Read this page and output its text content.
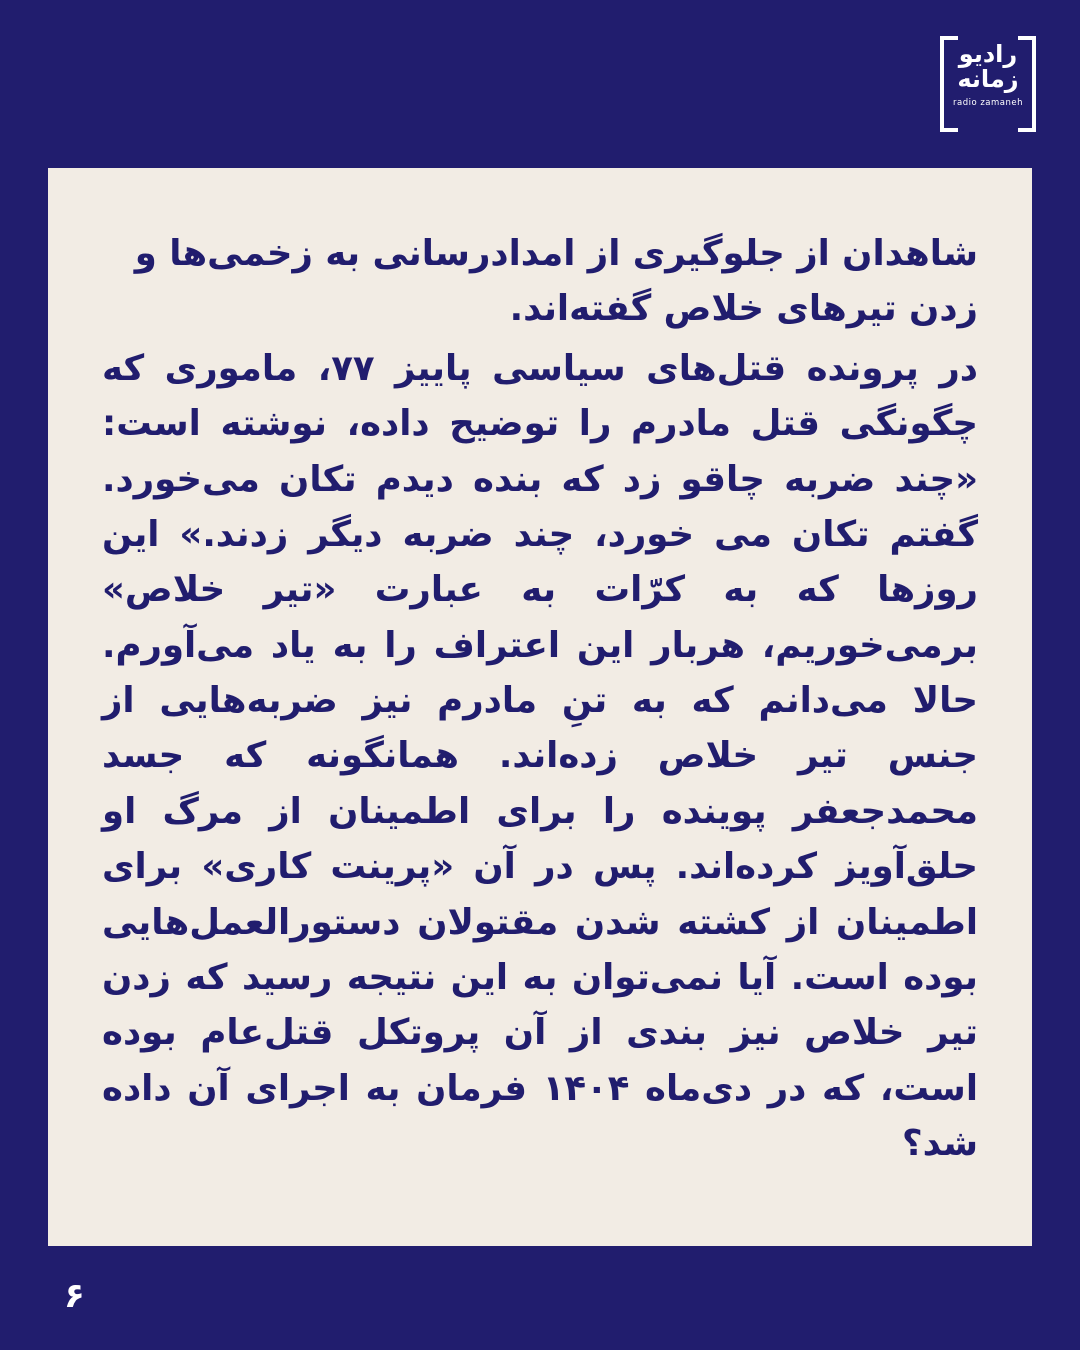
رادیو
زمانه
radio zamaneh

شاهدان از جلوگیری از امدادرسانی به زخمی‌ها و زدن تیرهای خلاص گفته‌اند.

در پرونده قتل‌های سیاسی پاییز ۷۷، ماموری که چگونگی قتل مادرم را توضیح داده، نوشته است: «چند ضربه چاقو زد که بنده دیدم تکان می‌خورد. گفتم تکان می‌ خورد، چند ضربه دیگر زدند.» این روزها که به کرّات به عبارت «تیر خلاص» برمی‌خوریم، هربار این اعتراف را به یاد می‌آورم. حالا می‌دانم که به تنِ مادرم نیز ضربه‌هایی از جنس تیر خلاص زده‌اند. همانگونه که جسد محمدجعفر پوینده را برای اطمینان از مرگ او حلق‌آویز کرده‌اند. پس در آن «پرینت کاری» برای اطمینان از کشته شدن مقتولان دستورالعمل‌هایی بوده است. آیا نمی‌توان به این نتیجه رسید که زدن تیر خلاص نیز بندی از آن پروتکل قتل‌عام بوده است، که در دی‌ماه ۱۴۰۴ فرمان به اجرای آن داده شد؟

۶
